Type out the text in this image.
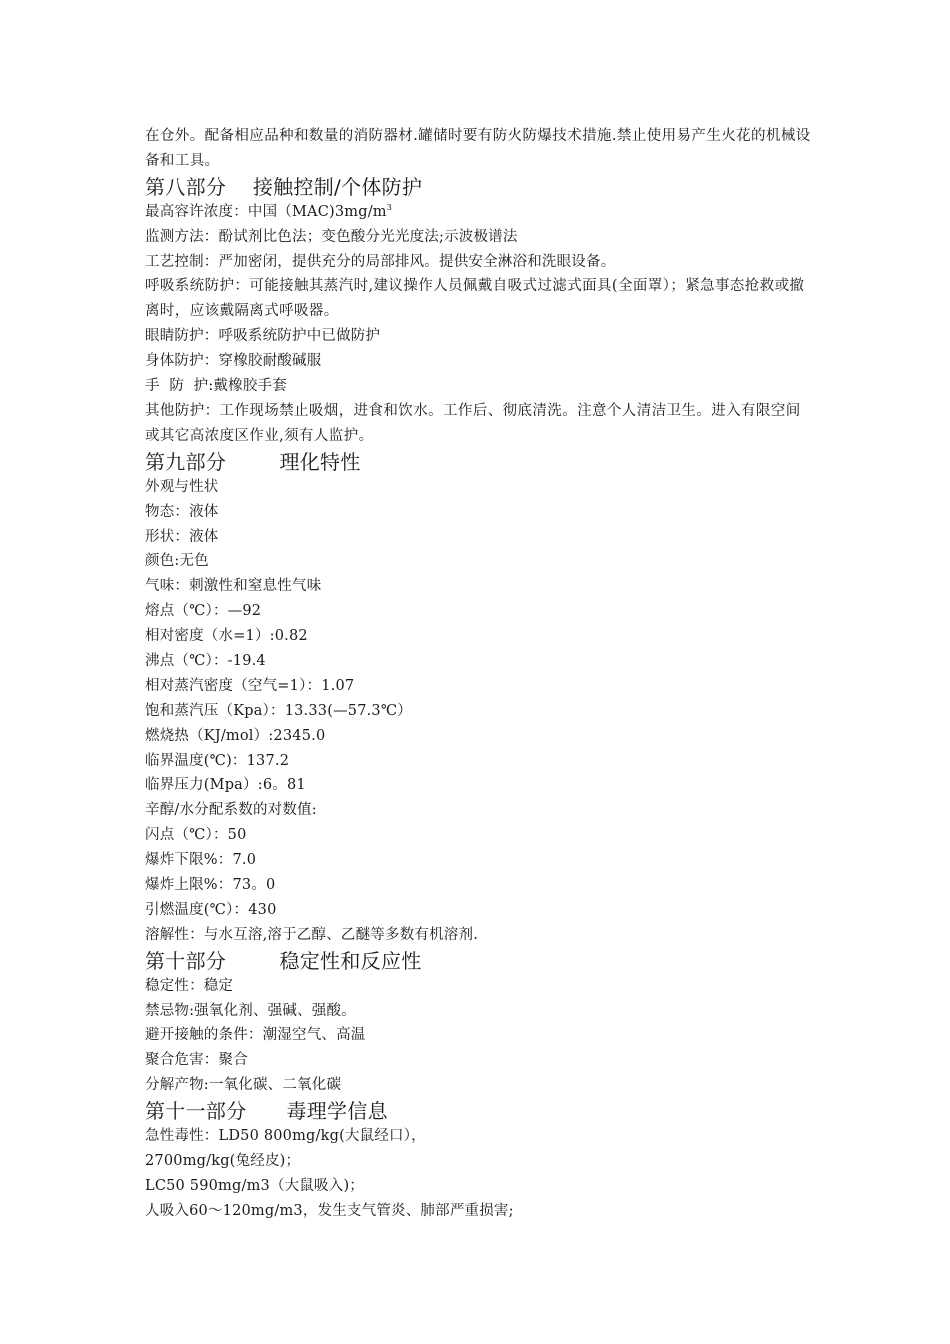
在仓外。配备相应品种和数量的消防器材.罐储时要有防火防爆技术措施.禁止使用易产生火花的机械设备和工具。
第八部分    接触控制/个体防护
最高容许浓度：中国$(MAC)3mg/m^3$
监测方法：酚试剂比色法；变色酸分光光度法;示波极谱法
工艺控制：严加密闭，提供充分的局部排风。提供安全淋浴和洗眼设备。
呼吸系统防护：可能接触其蒸汽时,建议操作人员佩戴自吸式过滤式面具(全面罩）；紧急事态抢救或撤离时，应该戴隔离式呼吸器。
眼睛防护：呼吸系统防护中已做防护
身体防护：穿橡胶耐酸碱服
手  防  护:戴橡胶手套
其他防护：工作现场禁止吸烟，进食和饮水。工作后、彻底清洗。注意个人清洁卫生。进入有限空间或其它高浓度区作业,须有人监护。
第九部分        理化特性
外观与性状
物态：液体
形状：液体
颜色:无色
气味：刺激性和窒息性气味
熔点（℃）：—92
相对密度（水=1）:0.82
沸点（℃）：-19.4
相对蒸汽密度（空气=1）：1.07
饱和蒸汽压（Kpa）：13.33(—57.3℃）
燃烧热（KJ/mol）:2345.0
临界温度(℃)：137.2
临界压力(Mpa）:6。81
辛醇/水分配系数的对数值:
闪点（℃）：50
爆炸下限%：7.0
爆炸上限%：73。0
引燃温度(℃）：430
溶解性：与水互溶,溶于乙醇、乙醚等多数有机溶剂.
第十部分        稳定性和反应性
稳定性：稳定
禁忌物:强氧化剂、强碱、强酸。
避开接触的条件：潮湿空气、高温
聚合危害：聚合
分解产物:一氧化碳、二氧化碳
第十一部分      毒理学信息
急性毒性：LD50 800mg/kg(大鼠经口），
2700mg/kg(兔经皮)；
LC50 590mg/m3（大鼠吸入)；
人吸入60～120mg/m3，发生支气管炎、肺部严重损害;
